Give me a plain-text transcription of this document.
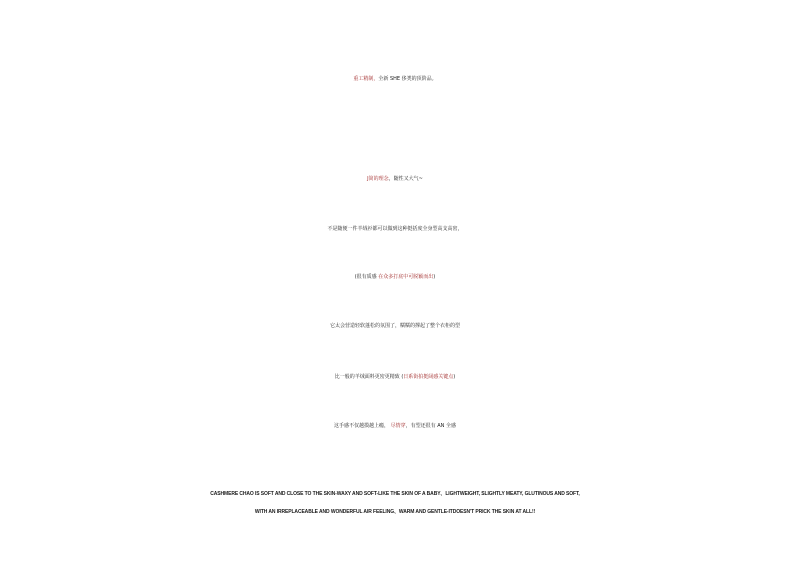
重工精制，全新 SHE 侈类的顶阶品。
J简的理念，随性又大气~
不是随便一件羊绒衫都可以做到这种挺括度全身型高支高密，
(很有质感 在众多打底中可脱颖而出)
它太会营造轻软蓬松的氛围了，糯糯的撑起了整个衣柜的型
比一般的羊绒面料更密更精致 (日系街拍挺阔感关键点)
这手感不仅越摸越上瘾， 尽情穿，有型还很有 AN 全感
CASHMERE CHAO IS SOFT AND CLOSE TO THE SKIN-WAXY AND SOFT-LIKE THE SKIN OF A BABY、LIGHTWEIGHT, SLIGHTLY MEATY, GLUTINOUS AND SOFT,
WITH AN IRREPLACEABLE AND WONDERFUL AIR FEELING、WARM AND GENTLE-ITDOESN'T PRICK THE SKIN AT ALL!!
